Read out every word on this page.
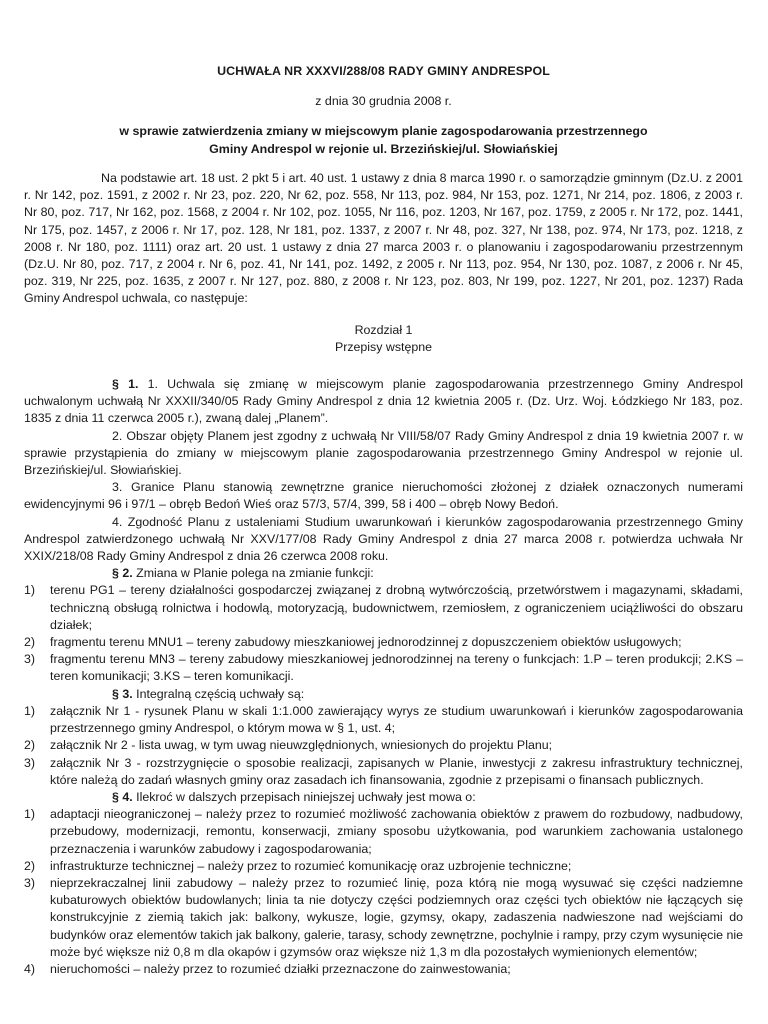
UCHWAŁA NR XXXVI/288/08 RADY GMINY ANDRESPOL
z dnia 30 grudnia 2008 r.
w sprawie zatwierdzenia zmiany w miejscowym planie zagospodarowania przestrzennego
Gminy Andrespol w rejonie ul. Brzezińskiej/ul. Słowiańskiej

Na podstawie art. 18 ust. 2 pkt 5 i art. 40 ust. 1 ustawy z dnia 8 marca 1990 r. o samorządzie gminnym (Dz.U. z 2001 r. Nr 142, poz. 1591, z 2002 r. Nr 23, poz. 220, Nr 62, poz. 558, Nr 113, poz. 984, Nr 153, poz. 1271, Nr 214, poz. 1806, z 2003 r. Nr 80, poz. 717, Nr 162, poz. 1568, z 2004 r. Nr 102, poz. 1055, Nr 116, poz. 1203, Nr 167, poz. 1759, z 2005 r. Nr 172, poz. 1441, Nr 175, poz. 1457, z 2006 r. Nr 17, poz. 128, Nr 181, poz. 1337, z 2007 r. Nr 48, poz. 327, Nr 138, poz. 974, Nr 173, poz. 1218, z 2008 r. Nr 180, poz. 1111) oraz art. 20 ust. 1 ustawy z dnia 27 marca 2003 r. o planowaniu i zagospodarowaniu przestrzennym (Dz.U. Nr 80, poz. 717, z 2004 r. Nr 6, poz. 41, Nr 141, poz. 1492, z 2005 r. Nr 113, poz. 954, Nr 130, poz. 1087, z 2006 r. Nr 45, poz. 319, Nr 225, poz. 1635, z 2007 r. Nr 127, poz. 880, z 2008 r. Nr 123, poz. 803, Nr 199, poz. 1227, Nr 201, poz. 1237) Rada Gminy Andrespol uchwala, co następuje:

Rozdział 1
Przepisy wstępne

§ 1. 1. Uchwala się zmianę w miejscowym planie zagospodarowania przestrzennego Gminy Andrespol uchwalonym uchwałą Nr XXXII/340/05 Rady Gminy Andrespol z dnia 12 kwietnia 2005 r. (Dz. Urz. Woj. Łódzkiego Nr 183, poz. 1835 z dnia 11 czerwca 2005 r.), zwaną dalej „Planem”.

2. Obszar objęty Planem jest zgodny z uchwałą Nr VIII/58/07 Rady Gminy Andrespol z dnia 19 kwietnia 2007 r. w sprawie przystąpienia do zmiany w miejscowym planie zagospodarowania przestrzennego Gminy Andrespol w rejonie ul. Brzezińskiej/ul. Słowiańskiej.

3. Granice Planu stanowią zewnętrzne granice nieruchomości złożonej z działek oznaczonych numerami ewidencyjnymi 96 i 97/1 – obręb Bedoń Wieś oraz 57/3, 57/4, 399, 58 i 400 – obręb Nowy Bedoń.

4. Zgodność Planu z ustaleniami Studium uwarunkowań i kierunków zagospodarowania przestrzennego Gminy Andrespol zatwierdzonego uchwałą Nr XXV/177/08 Rady Gminy Andrespol z dnia 27 marca 2008 r. potwierdza uchwała Nr XXIX/218/08 Rady Gminy Andrespol z dnia 26 czerwca 2008 roku.

§ 2. Zmiana w Planie polega na zmianie funkcji:

1) terenu PG1 – tereny działalności gospodarczej związanej z drobną wytwórczością, przetwórstwem i magazynami, składami, techniczną obsługą rolnictwa i hodowlą, motoryzacją, budownictwem, rzemiosłem, z ograniczeniem uciążliwości do obszaru działek;
2) fragmentu terenu MNU1 – tereny zabudowy mieszkaniowej jednorodzinnej z dopuszczeniem obiektów usługowych;
3) fragmentu terenu MN3 – tereny zabudowy mieszkaniowej jednorodzinnej na tereny o funkcjach: 1.P – teren produkcji; 2.KS – teren komunikacji; 3.KS – teren komunikacji.

§ 3. Integralną częścią uchwały są:

1) załącznik Nr 1 - rysunek Planu w skali 1:1.000 zawierający wyrys ze studium uwarunkowań i kierunków zagospodarowania przestrzennego gminy Andrespol, o którym mowa w § 1, ust. 4;
2) załącznik Nr 2 - lista uwag, w tym uwag nieuwzględnionych, wniesionych do projektu Planu;
3) załącznik Nr 3 - rozstrzygnięcie o sposobie realizacji, zapisanych w Planie, inwestycji z zakresu infrastruktury technicznej, które należą do zadań własnych gminy oraz zasadach ich finansowania, zgodnie z przepisami o finansach publicznych.

§ 4. Ilekroć w dalszych przepisach niniejszej uchwały jest mowa o:

1) adaptacji nieograniczonej – należy przez to rozumieć możliwość zachowania obiektów z prawem do rozbudowy, nadbudowy, przebudowy, modernizacji, remontu, konserwacji, zmiany sposobu użytkowania, pod warunkiem zachowania ustalonego przeznaczenia i warunków zabudowy i zagospodarowania;
2) infrastrukturze technicznej – należy przez to rozumieć komunikację oraz uzbrojenie techniczne;
3) nieprzekraczalnej linii zabudowy – należy przez to rozumieć linię, poza którą nie mogą wysuwać się części nadziemne kubaturowych obiektów budowlanych; linia ta nie dotyczy części podziemnych oraz części tych obiektów nie łączących się konstrukcyjnie z ziemią takich jak: balkony, wykusze, logie, gzymsy, okapy, zadaszenia nadwieszone nad wejściami do budynków oraz elementów takich jak balkony, galerie, tarasy, schody zewnętrzne, pochylnie i rampy, przy czym wysunięcie nie może być większe niż 0,8 m dla okapów i gzymsów oraz większe niż 1,3 m dla pozostałych wymienionych elementów;
4) nieruchomości – należy przez to rozumieć działki przeznaczone do zainwestowania;
